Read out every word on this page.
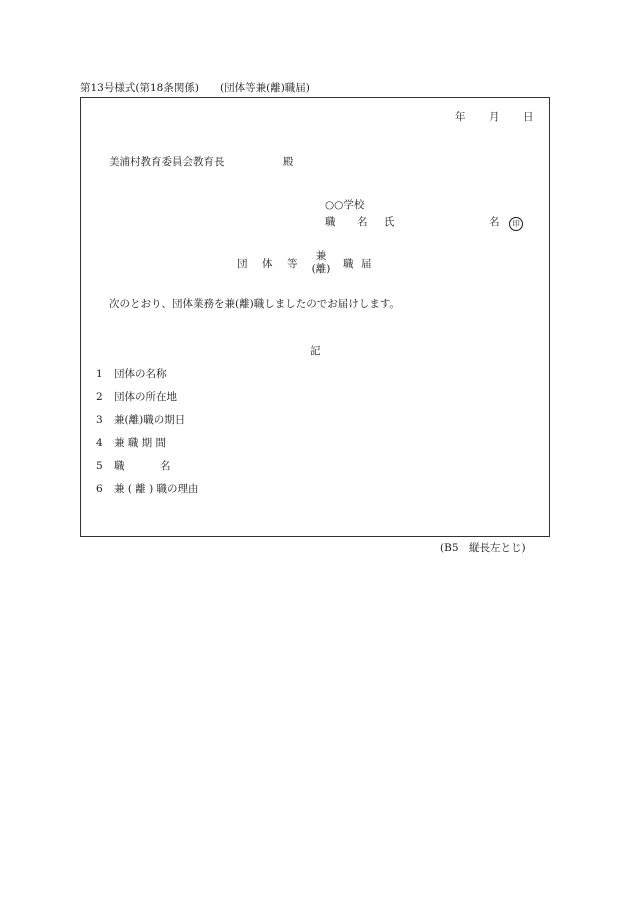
第13号様式(第18条関係) (団体等兼(離)職届)
年 月 日
美浦村教育委員会教育長	殿
○○学校
職 名 氏	名	印
団 体 等
兼
(離)	職 届
次のとおり、団体業務を兼(離)職しましたのでお届けします。
記
1 団体の名称
2 団体の所在地
3 兼(離)職の期日
4 兼 職 期 間
5 職	名
6 兼 ( 離 ) 職の理由
(B5　縦長左とじ)
